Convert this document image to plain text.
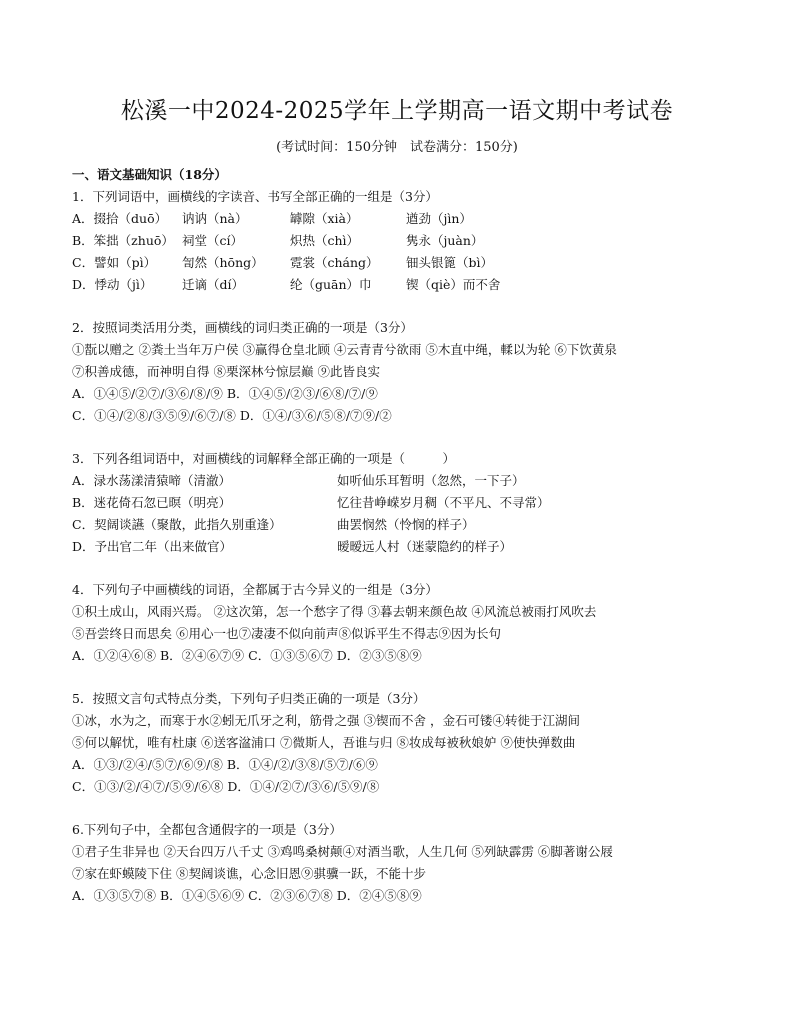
松溪一中2024-2025学年上学期高一语文期中考试卷
(考试时间：150分钟　试卷满分：150分)
一、语文基础知识（18分）
1．下列词语中，画横线的字读音、书写全部正确的一组是（3分）
A．掇拾（duō）	讷讷（nà）	罅隙（xià）	遒劲（jìn）
B．笨拙（zhuō） 祠堂（cí）	炽热（chì）	隽永（juàn）
C．譬如（pì）	訇然（hōng）	霓裳（cháng）	钿头银篦（bì）
D．悸动（jì）	迁谪（dí）	纶（guān）巾	锲（qiè）而不舍
2．按照词类活用分类，画横线的词归类正确的一项是（3分）
①翫以赠之 ②粪土当年万户侯 ③赢得仓皇北顾 ④云青青兮欲雨 ⑤木直中绳，輮以为轮 ⑥下饮黄泉
⑦积善成德，而神明自得 ⑧栗深林兮惊层巅 ⑨此皆良实
A．①④⑤/②⑦/③⑥/⑧/⑨ B．①④⑤/②③/⑥⑧/⑦/⑨
C．①④/②⑧/③⑤⑨/⑥⑦/⑧ D．①④/③⑥/⑤⑧/⑦⑨/②
3．下列各组词语中，对画横线的词解释全部正确的一项是（　　　）
A．渌水荡漾清猿啼（清澈）	如听仙乐耳暂明（忽然，一下子）
B．迷花倚石忽已暝（明亮）	忆往昔峥嵘岁月稠（不平凡、不寻常）
C．契阔谈讌（聚散，此指久别重逢）	曲罢悯然（怜悯的样子）
D．予出官二年（出来做官）	暧暧远人村（迷蒙隐约的样子）
4．下列句子中画横线的词语，全都属于古今异义的一组是（3分）
①积土成山，风雨兴焉。 ②这次第，怎一个愁字了得 ③暮去朝来颜色故 ④风流总被雨打风吹去
⑤吾尝终日而思矣 ⑥用心一也⑦凄凄不似向前声⑧似诉平生不得志⑨因为长句
A．①②④⑥⑧ B．②④⑥⑦⑨ C．①③⑤⑥⑦ D．②③⑤⑧⑨
5．按照文言句式特点分类，下列句子归类正确的一项是（3分）
①冰，水为之，而寒于水②蚓无爪牙之利，筋骨之强 ③锲而不舍 ，金石可镂④转徙于江湖间
⑤何以解忧，唯有杜康 ⑥送客湓浦口 ⑦微斯人，吾谁与归 ⑧妆成每被秋娘妒 ⑨使快弹数曲
A．①③/②④/⑤⑦/⑥⑨/⑧ B．①④/②/③⑧/⑤⑦/⑥⑨
C．①③/②/④⑦/⑤⑨/⑥⑧ D．①④/②⑦/③⑥/⑤⑨/⑧
6.下列句子中，全都包含通假字的一项是（3分）
①君子生非异也 ②天台四万八千丈 ③鸡鸣桑树颠④对酒当歌，人生几何 ⑤列缺霹雳 ⑥脚著谢公屐
⑦家在虾蟆陵下住 ⑧契阔谈谯，心念旧恩⑨骐骥一跃，不能十步
A．①③⑤⑦⑧ B．①④⑤⑥⑨ C．②③⑥⑦⑧ D．②④⑤⑧⑨
